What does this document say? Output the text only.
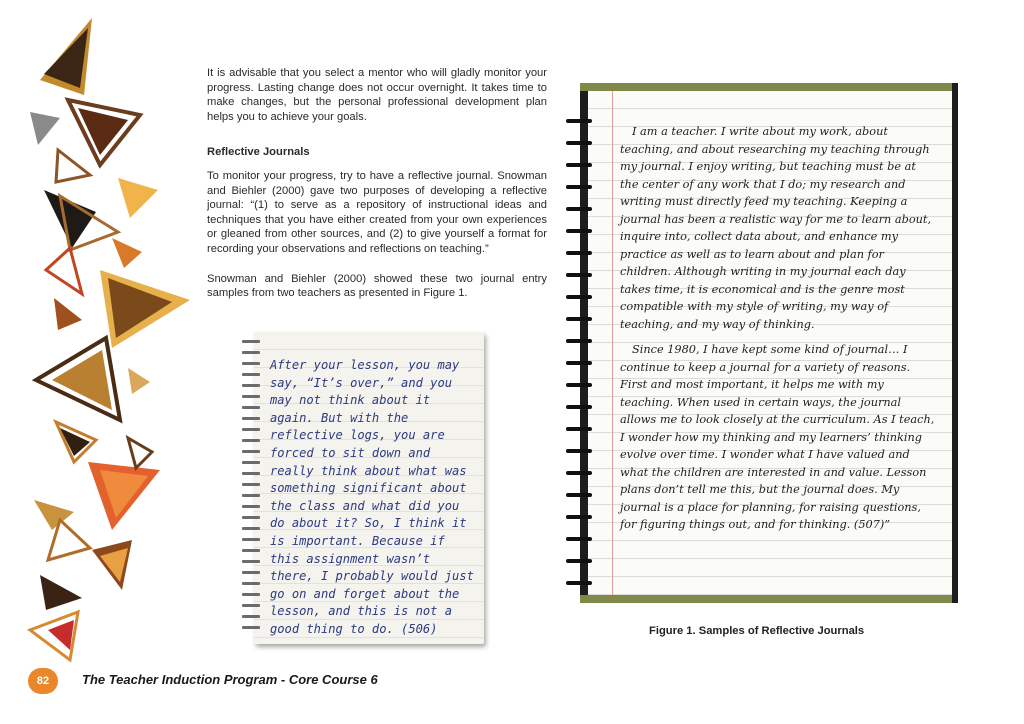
It is advisable that you select a mentor who will gladly monitor your progress. Lasting change does not occur overnight. It takes time to make changes, but the personal professional development plan helps you to achieve your goals.

Reflective Journals

To monitor your progress, try to have a reflective journal. Snowman and Biehler (2000) gave two purposes of developing a reflective journal: “(1) to serve as a repository of instructional ideas and techniques that you have either created from your own experiences or gleaned from other sources, and (2) to give yourself a format for recording your observations and reflections on teaching.”

Snowman and Biehler (2000) showed these two journal entry samples from two teachers as presented in Figure 1.

After your lesson, you may say, “It’s over,” and you may not think about it again. But with the reflective logs, you are forced to sit down and really think about what was something significant about the class and what did you do about it? So, I think it is important. Because if this assignment wasn’t there, I probably would just go on and forget about the lesson, and this is not a good thing to do. (506)

I am a teacher. I write about my work, about teaching, and about researching my teaching through my journal. I enjoy writing, but teaching must be at the center of any work that I do; my research and writing must directly feed my teaching. Keeping a journal has been a realistic way for me to learn about, inquire into, collect data about, and enhance my practice as well as to learn about and plan for children. Although writing in my journal each day takes time, it is economical and is the genre most compatible with my style of writing, my way of teaching, and my way of thinking.

Since 1980, I have kept some kind of journal… I continue to keep a journal for a variety of reasons. First and most important, it helps me with my teaching. When used in certain ways, the journal allows me to look closely at the curriculum. As I teach, I wonder how my thinking and my learners’ thinking evolve over time. I wonder what I have valued and what the children are interested in and value. Lesson plans don’t tell me this, but the journal does. My journal is a place for planning, for raising questions, for figuring things out, and for thinking. (507)”

Figure 1. Samples of Reflective Journals

82	The Teacher Induction Program - Core Course 6
